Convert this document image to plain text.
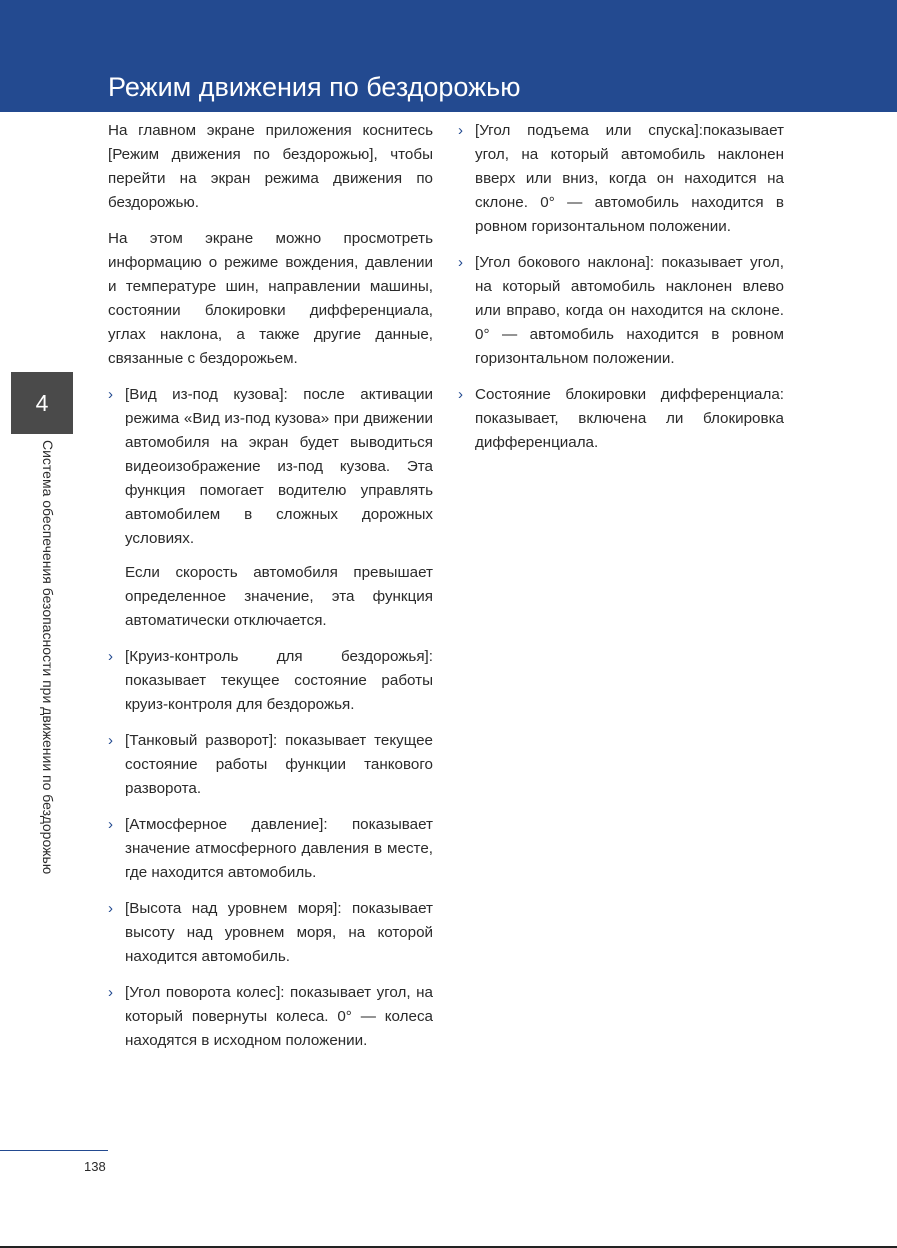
Режим движения по бездорожью
4
Система обеспечения безопасности при движении по бездорожью

На главном экране приложения коснитесь [Режим движения по бездорожью], чтобы перейти на экран режима движения по бездорожью.

На этом экране можно просмотреть информацию о режиме вождения, давлении и температуре шин, направлении машины, состоянии блокировки дифференциала, углах наклона, а также другие данные, связанные с бездорожьем.

› [Вид из-под кузова]: после активации режима «Вид из-под кузова» при движении автомобиля на экран будет выводиться видеоизображение из-под кузова. Эта функция помогает водителю управлять автомобилем в сложных дорожных условиях.

Если скорость автомобиля превышает определенное значение, эта функция автоматически отключается.

› [Круиз-контроль для бездорожья]: показывает текущее состояние работы круиз-контроля для бездорожья.
› [Танковый разворот]: показывает текущее состояние работы функции танкового разворота.
› [Атмосферное давление]: показывает значение атмосферного давления в месте, где находится автомобиль.
› [Высота над уровнем моря]: показывает высоту над уровнем моря, на которой находится автомобиль.
› [Угол поворота колес]: показывает угол, на который повернуты колеса. 0° — колеса находятся в исходном положении.
› [Угол подъема или спуска]:показывает угол, на который автомобиль наклонен вверх или вниз, когда он находится на склоне. 0° — автомобиль находится в ровном горизонтальном положении.
› [Угол бокового наклона]: показывает угол, на который автомобиль наклонен влево или вправо, когда он находится на склоне. 0° — автомобиль находится в ровном горизонтальном положении.
› Состояние блокировки дифференциала: показывает, включена ли блокировка дифференциала.
138
